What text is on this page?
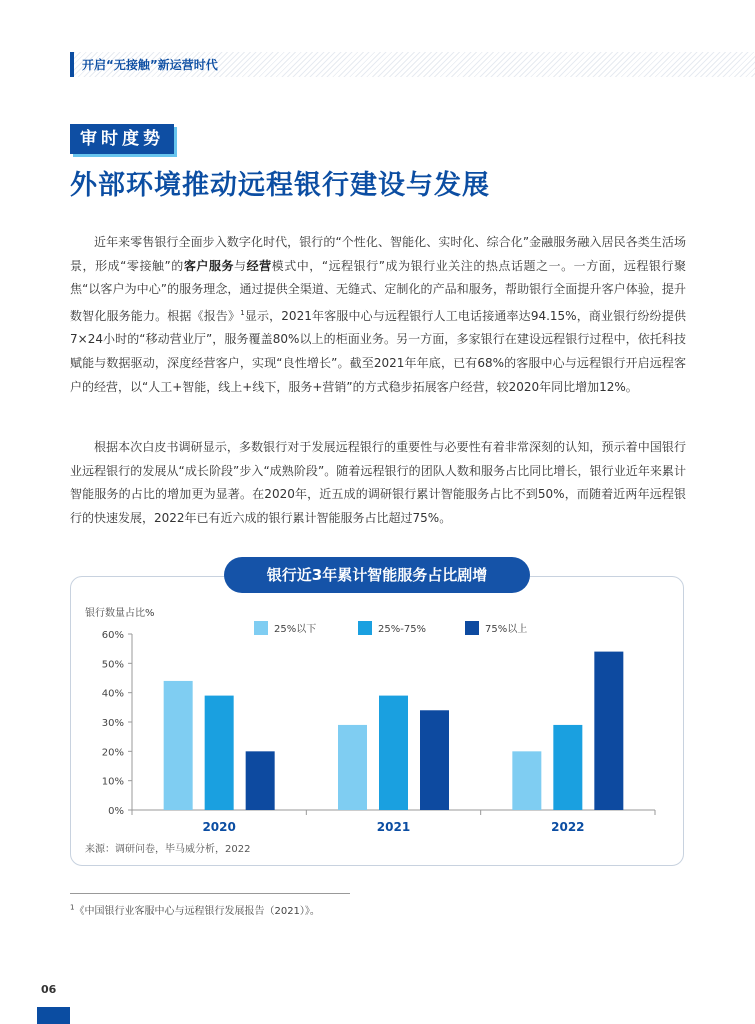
开启“无接触”新运营时代
审时度势
外部环境推动远程银行建设与发展

近年来零售银行全面步入数字化时代，银行的“个性化、智能化、实时化、综合化”金融服务融入居民各类生活场景，形成“零接触”的客户服务与经营模式中，“远程银行”成为银行业关注的热点话题之一。一方面，远程银行聚焦“以客户为中心”的服务理念，通过提供全渠道、无缝式、定制化的产品和服务，帮助银行全面提升客户体验，提升数智化服务能力。根据《报告》$^1$显示，2021年客服中心与远程银行人工电话接通率达94.15%，商业银行纷纷提供7×24小时的“移动营业厅”，服务覆盖80%以上的柜面业务。另一方面，多家银行在建设远程银行过程中，依托科技赋能与数据驱动，深度经营客户，实现“良性增长”。截至2021年年底，已有68%的客服中心与远程银行开启远程客户的经营，以“人工+智能，线上+线下，服务+营销”的方式稳步拓展客户经营，较2020年同比增加12%。

根据本次白皮书调研显示，多数银行对于发展远程银行的重要性与必要性有着非常深刻的认知，预示着中国银行业远程银行的发展从“成长阶段”步入“成熟阶段”。随着远程银行的团队人数和服务占比同比增长，银行业近年来累计智能服务的占比的增加更为显著。在2020年，近五成的调研银行累计智能服务占比不到50%，而随着近两年远程银行的快速发展，2022年已有近六成的银行累计智能服务占比超过75%。

银行近3年累计智能服务占比剧增
银行数量占比%
0%
10%
20%
30%
40%
50%
60%
2020	2021	2022
25%以下	25%-75%	75%以上
来源：调研问卷，毕马威分析，2022
$^1$《中国银行业客服中心与远程银行发展报告（2021）》。
06
